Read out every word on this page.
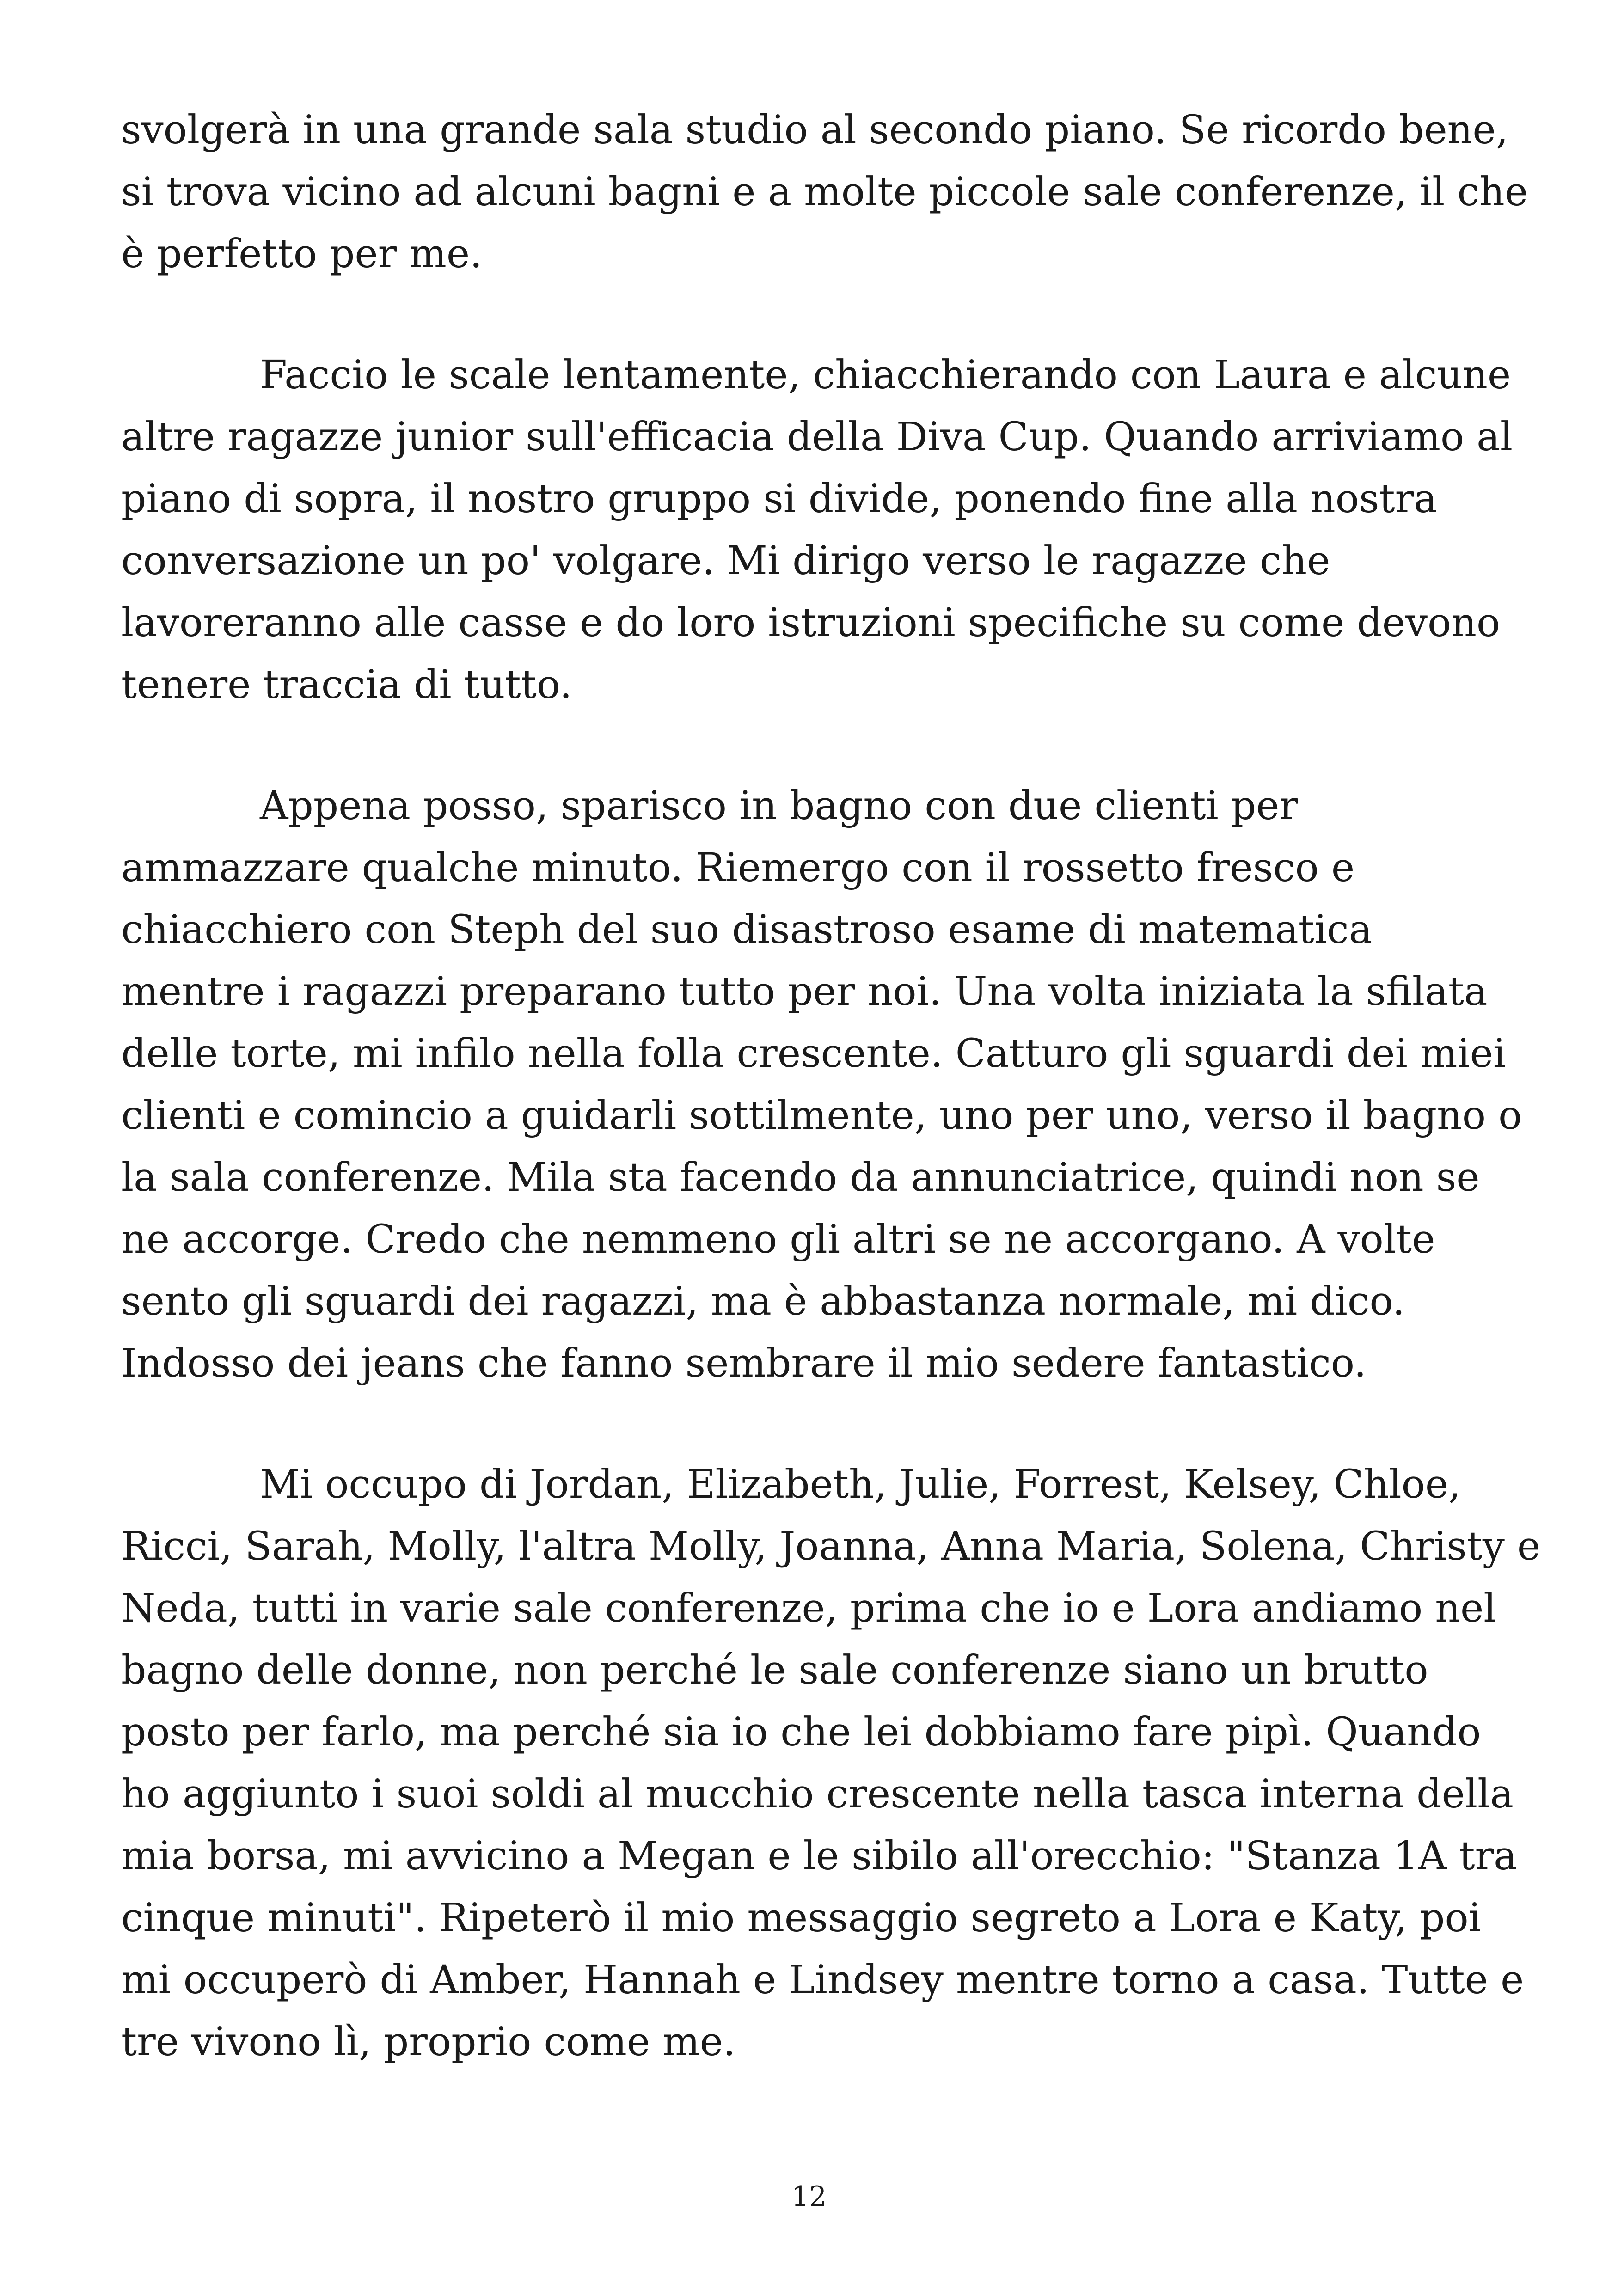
svolgerà in una grande sala studio al secondo piano. Se ricordo bene,
si trova vicino ad alcuni bagni e a molte piccole sale conferenze, il che
è perfetto per me.

Faccio le scale lentamente, chiacchierando con Laura e alcune
altre ragazze junior sull'efficacia della Diva Cup. Quando arriviamo al
piano di sopra, il nostro gruppo si divide, ponendo fine alla nostra
conversazione un po' volgare. Mi dirigo verso le ragazze che
lavoreranno alle casse e do loro istruzioni specifiche su come devono
tenere traccia di tutto.

Appena posso, sparisco in bagno con due clienti per
ammazzare qualche minuto. Riemergo con il rossetto fresco e
chiacchiero con Steph del suo disastroso esame di matematica
mentre i ragazzi preparano tutto per noi. Una volta iniziata la sfilata
delle torte, mi infilo nella folla crescente. Catturo gli sguardi dei miei
clienti e comincio a guidarli sottilmente, uno per uno, verso il bagno o
la sala conferenze. Mila sta facendo da annunciatrice, quindi non se
ne accorge. Credo che nemmeno gli altri se ne accorgano. A volte
sento gli sguardi dei ragazzi, ma è abbastanza normale, mi dico.
Indosso dei jeans che fanno sembrare il mio sedere fantastico.

Mi occupo di Jordan, Elizabeth, Julie, Forrest, Kelsey, Chloe,
Ricci, Sarah, Molly, l'altra Molly, Joanna, Anna Maria, Solena, Christy e
Neda, tutti in varie sale conferenze, prima che io e Lora andiamo nel
bagno delle donne, non perché le sale conferenze siano un brutto
posto per farlo, ma perché sia io che lei dobbiamo fare pipì. Quando
ho aggiunto i suoi soldi al mucchio crescente nella tasca interna della
mia borsa, mi avvicino a Megan e le sibilo all'orecchio: "Stanza 1A tra
cinque minuti". Ripeterò il mio messaggio segreto a Lora e Katy, poi
mi occuperò di Amber, Hannah e Lindsey mentre torno a casa. Tutte e
tre vivono lì, proprio come me.

12
